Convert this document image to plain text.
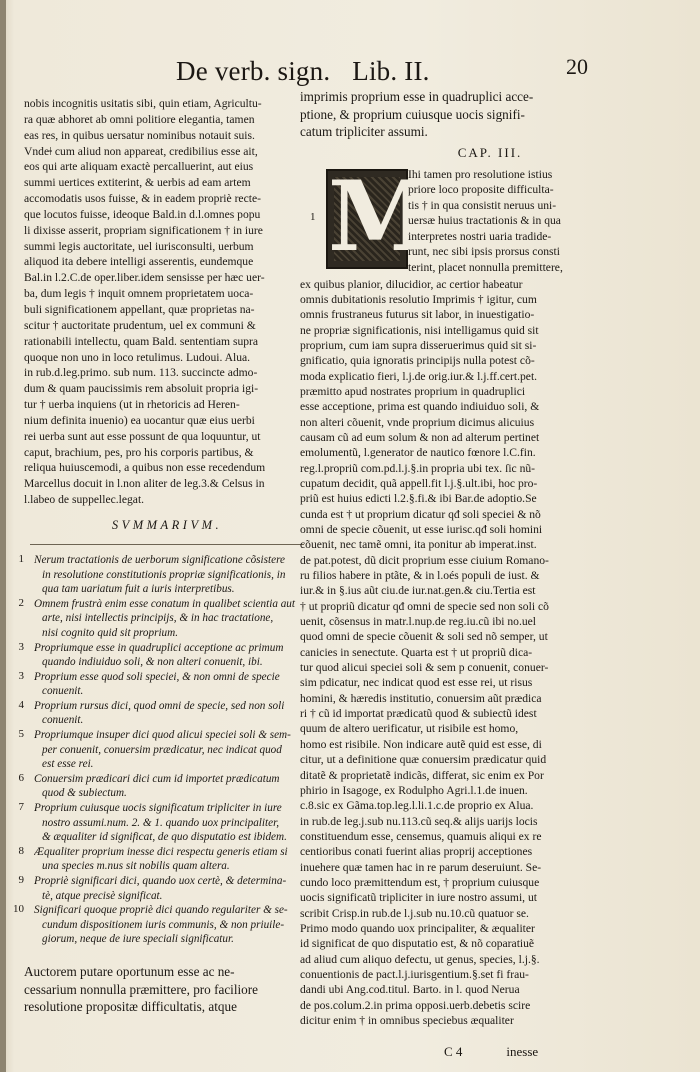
De verb. sign. Lib. II.	20
nobis incognitis usitatis sibi, quin etiam, Agricultu-
ra quæ abhoret ab omni politiore elegantia, tamen
eas res, in quibus uersatur nominibus notauit suis.
Vndeǂ cum aliud non appareat, credibilius esse ait,
eos qui arte aliquam exactè percalluerint, aut eius
summi uertices extiterint, & uerbis ad eam artem
accomodatis usos fuisse, & in eadem propriè recte-
que locutos fuisse, ideoque Bald.in d.l.omnes popu
li dixisse asserit, propriam significationem † in iure
summi legis auctoritate, uel iurisconsulti, uerbum
aliquod ita debere intelligi asserentis, eundemque
Bal.in l.2.C.de oper.liber.idem sensisse per hæc uer-
ba, dum legis † inquit omnem proprietatem uoca-
buli significationem appellant, quæ proprietas na-
scitur † auctoritate prudentum, uel ex communi &
rationabili intellectu, quam Bald. sententiam supra
quoque non uno in loco retulimus. Ludoui. Alua.
in rub.d.leg.primo. sub num. 113. succincte admo-
dum & quam paucissimis rem absoluit propria igi-
tur † uerba inquiens (ut in rhetoricis ad Heren-
nium definita inuenio) ea uocantur quæ eius uerbi
rei uerba sunt aut esse possunt de qua loquuntur, ut
caput, brachium, pes, pro his corporis partibus, &
reliqua huiuscemodi, a quibus non esse recedendum
Marcellus docuit in l.non aliter de leg.3.& Celsus in
l.labeo de suppellec.legat.
SVMMARIVM.
1 Nerum tractationis de uerborum significatione cõsistere
in resolutione constitutionis propriæ significationis, in
qua tam uariatum fuit a iuris interpretibus.
2 Omnem frustrà enim esse conatum in qualibet scientia aut
arte, nisi intellectis principijs, & in hac tractatione,
nisi cognito quid sit proprium.
3 Propriumque esse in quadruplici acceptione ac primum
quando indiuiduo soli, & non alteri conuenit, ibi.
3 Proprium esse quod soli speciei, & non omni de specie
conuenit.
4 Proprium rursus dici, quod omni de specie, sed non soli
conuenit.
5 Propriumque insuper dici quod alicui speciei soli & sem-
per conuenit, conuersim prædicatur, nec indicat quod
est esse rei.
6 Conuersim prædicari dici cum id importet prædicatum
quod & subiectum.
7 Proprium cuiusque uocis significatum tripliciter in iure
nostro assumi.num. 2. & 1. quando uox principaliter,
& æqualiter id significat, de quo disputatio est ibidem.
8 Æqualiter proprium inesse dici respectu generis etiam si
una species m.nus sit nobilis quam altera.
9 Propriè significari dici, quando uox certè, & determina-
tè, atque precisè significat.
10 Significari quoque propriè dici quando regulariter & se-
cundum dispositionem iuris communis, & non priuile-
giorum, neque de iure speciali significatur.
Auctorem putare oportunum esse ac ne-
cessarium nonnulla præmittere, pro faciliore
resolutione propositæ difficultatis, atque
imprimis proprium esse in quadruplici acce-
ptione, & proprium cuiusque uocis signifi-
catum tripliciter assumi.
CAP. III.
1 M
Ihi tamen pro resolutione istius
priore loco proposite difficulta-
tis † in qua consistit neruus uni-
uersæ huius tractationis & in qua
interpretes nostri uaria tradide-
runt, nec sibi ipsis prorsus consti
terint, placet nonnulla premittere,
ex quibus planior, dilucidior, ac certior habeatur
omnis dubitationis resolutio Imprimis † igitur, cum
omnis frustraneus futurus sit labor, in inuestigatio-
ne propriæ significationis, nisi intelligamus quid sit
proprium, cum iam supra disseruerimus quid sit si-
gnificatio, quia ignoratis principijs nulla potest cõ-
moda explicatio fieri, l.j.de orig.iur.& l.j.ff.cert.pet.
præmitto apud nostrates proprium in quadruplici
esse acceptione, prima est quando indiuiduo soli, &
non alteri cõuenit, vnde proprium dicimus alicuius
causam cũ ad eum solum & non ad alterum pertinet
emolumentũ, l.generator de nautico fœnore l.C.fin.
reg.l.propriũ com.pd.l.j.§.in propria ubi tex. ſic nũ-
cupatum decidit, quã appell.fit l.j.§.ult.ibi, hoc pro-
priũ est huius edicti l.2.§.fi.& ibi Bar.de adoptio.Se
cunda est † ut proprium dicatur qđ soli speciei & nõ
omni de specie cõuenit, ut esse iurisc.qđ soli homini
cõuenit, nec tamẽ omni, ita ponitur ab imperat.inst.
de pat.potest, dũ dicit proprium esse ciuium Romano-
ru filios habere in ptãte, & in l.oés populi de iust. &
iur.& in §.ius aũt ciu.de iur.nat.gen.& ciu.Tertia est
† ut propriũ dicatur qđ omni de specie sed non soli cõ
uenit, cõsensus in matr.l.nup.de reg.iu.cũ ibi no.uel
quod omni de specie cõuenit & soli sed nõ semper, ut
canicies in senectute. Quarta est † ut propriũ dica-
tur quod alicui speciei soli & sem p conuenit, conuer-
sim pdicatur, nec indicat quod est esse rei, ut risus
homini, & hæredis institutio, conuersim aũt prædica
ri † cũ id importat prædicatũ quod & subiectũ idest
quum de altero uerificatur, ut risibile est homo,
homo est risibile. Non indicare autẽ quid est esse, di
citur, ut a definitione quæ conuersim prædicatur quid
ditatẽ & proprietatẽ indicãs, differat, sic enim ex Por
phirio in Isagoge, ex Rodulpho Agri.l.1.de inuen.
c.8.sic ex Gãma.top.leg.l.li.1.c.de proprio ex Alua.
in rub.de leg.j.sub nu.113.cũ seq.& alijs uarijs locis
constituendum esse, censemus, quamuis aliqui ex re
centioribus conati fuerint alias proprij acceptiones
inuehere quæ tamen hac in re parum deseruiunt. Se-
cundo loco præmittendum est, † proprium cuiusque
uocis significatũ tripliciter in iure nostro assumi, ut
scribit Crisp.in rub.de l.j.sub nu.10.cũ quatuor se.
Primo modo quando uox principaliter, & æqualiter
id significat de quo disputatio est, & nõ coparatiuẽ
ad aliud cum aliquo defectu, ut genus, species, l.j.§.
conuentionis de pact.l.j.iurisgentium.§.set fi frau-
dandi ubi Ang.cod.titul. Barto. in l. quod Nerua
de pos.colum.2.in prima opposi.uerb.debetis scire
dicitur enim † in omnibus speciebus æqualiter
C 4	inesse
